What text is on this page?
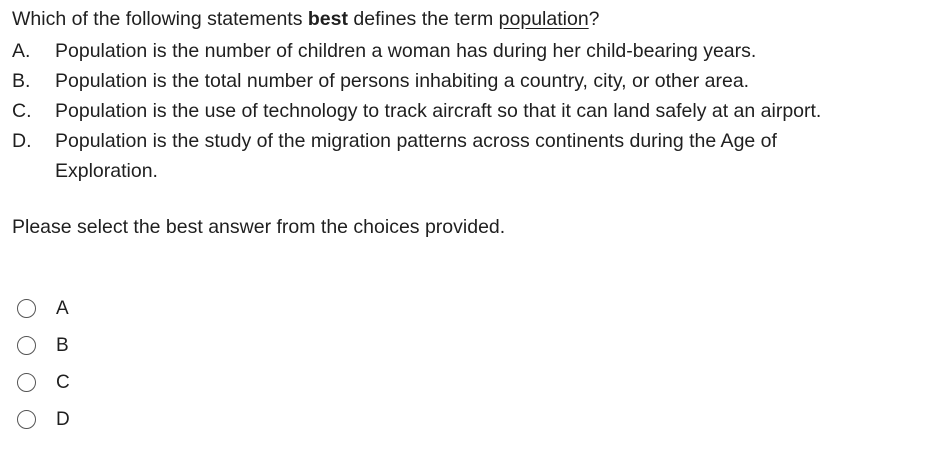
Which of the following statements best defines the term population?
A.	Population is the number of children a woman has during her child-bearing years.
B.	Population is the total number of persons inhabiting a country, city, or other area.
C.	Population is the use of technology to track aircraft so that it can land safely at an airport.
D.	Population is the study of the migration patterns across continents during the Age of Exploration.
Please select the best answer from the choices provided.
A
B
C
D
